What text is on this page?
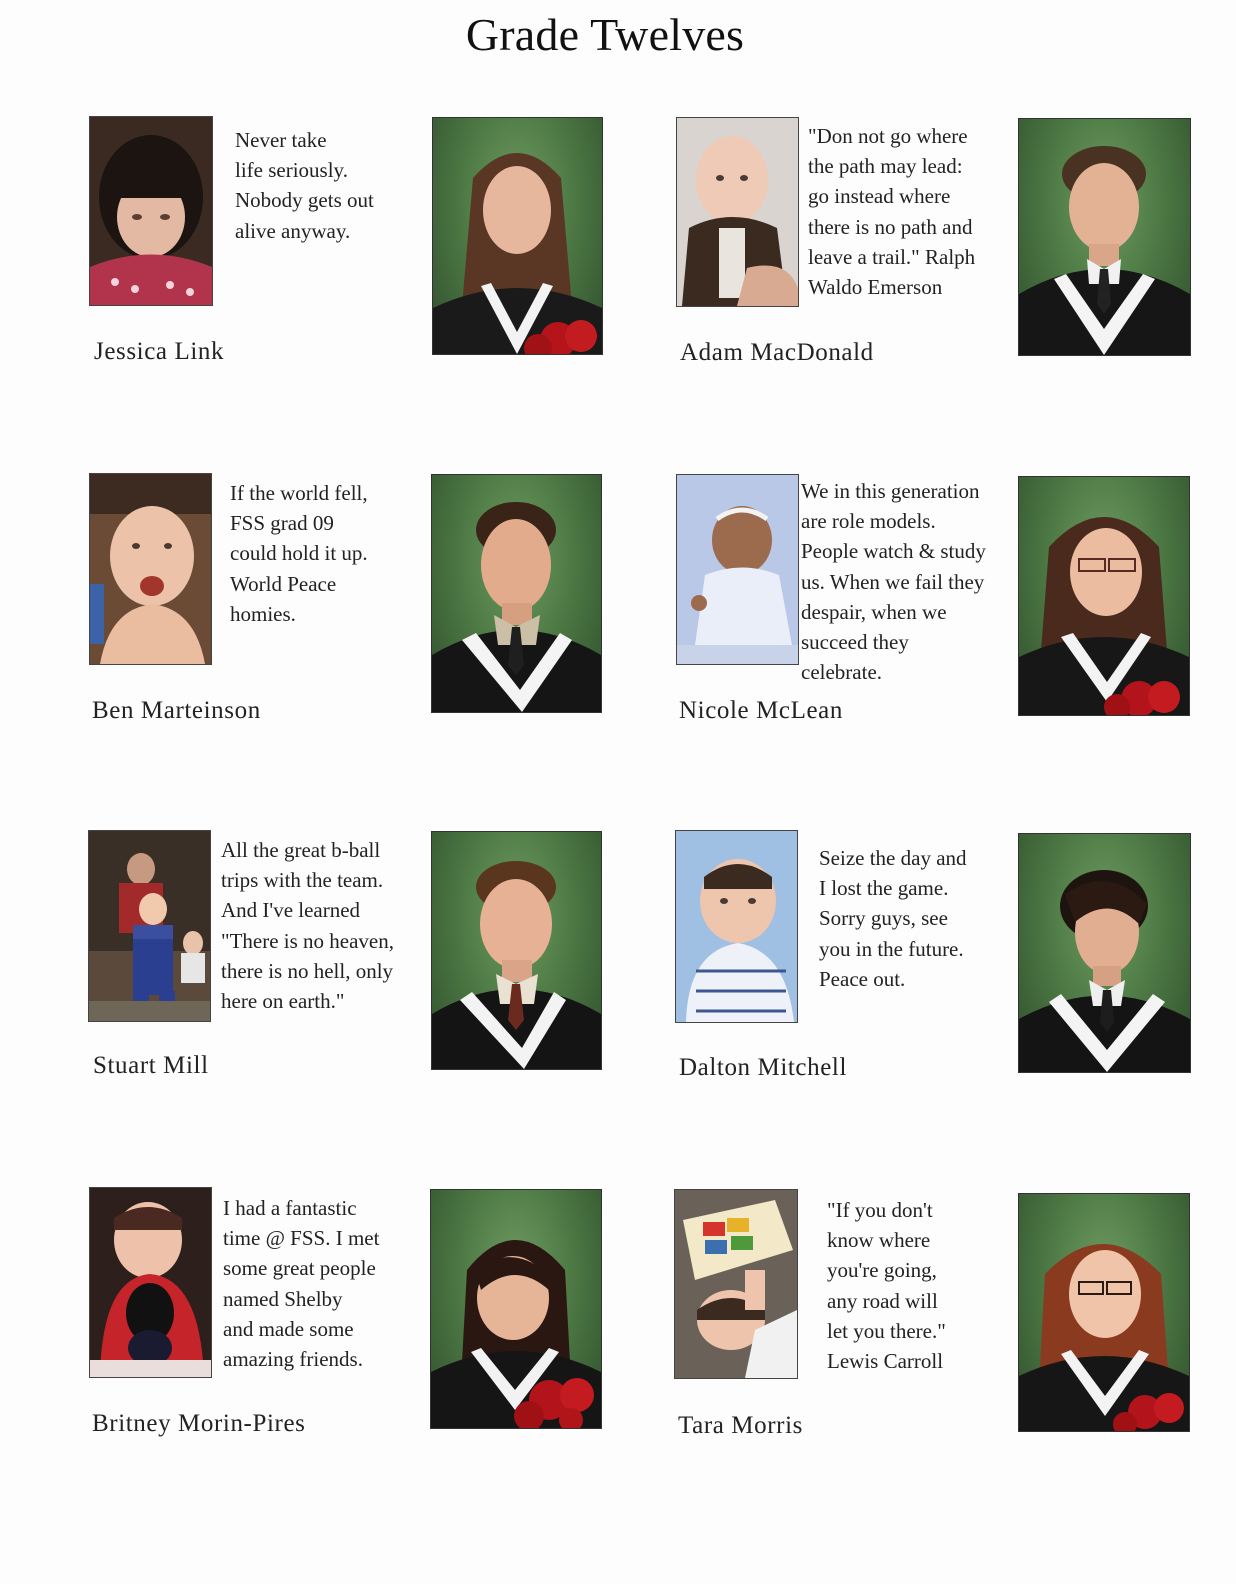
Grade Twelves
Never take
life seriously.
Nobody gets out
alive anyway.
Jessica Link
"Don not go where
the path may lead:
go instead where
there is no path and
leave a trail." Ralph
Waldo Emerson
Adam MacDonald
If the world fell,
FSS grad 09
could hold it up.
World Peace
homies.
Ben Marteinson
We in this generation
are role models.
People watch & study
us. When we fail they
despair, when we
succeed they
celebrate.
Nicole McLean
All the great b-ball
trips with the team.
And I've learned
"There is no heaven,
there is no hell, only
here on earth."
Stuart Mill
Seize the day and
I lost the game.
Sorry guys, see
you in the future.
Peace out.
Dalton Mitchell
I had a fantastic
time @ FSS. I met
some great people
named Shelby
and made some
amazing friends.
Britney Morin-Pires
"If you don't
know where
you're going,
any road will
let you there."
Lewis Carroll
Tara Morris
